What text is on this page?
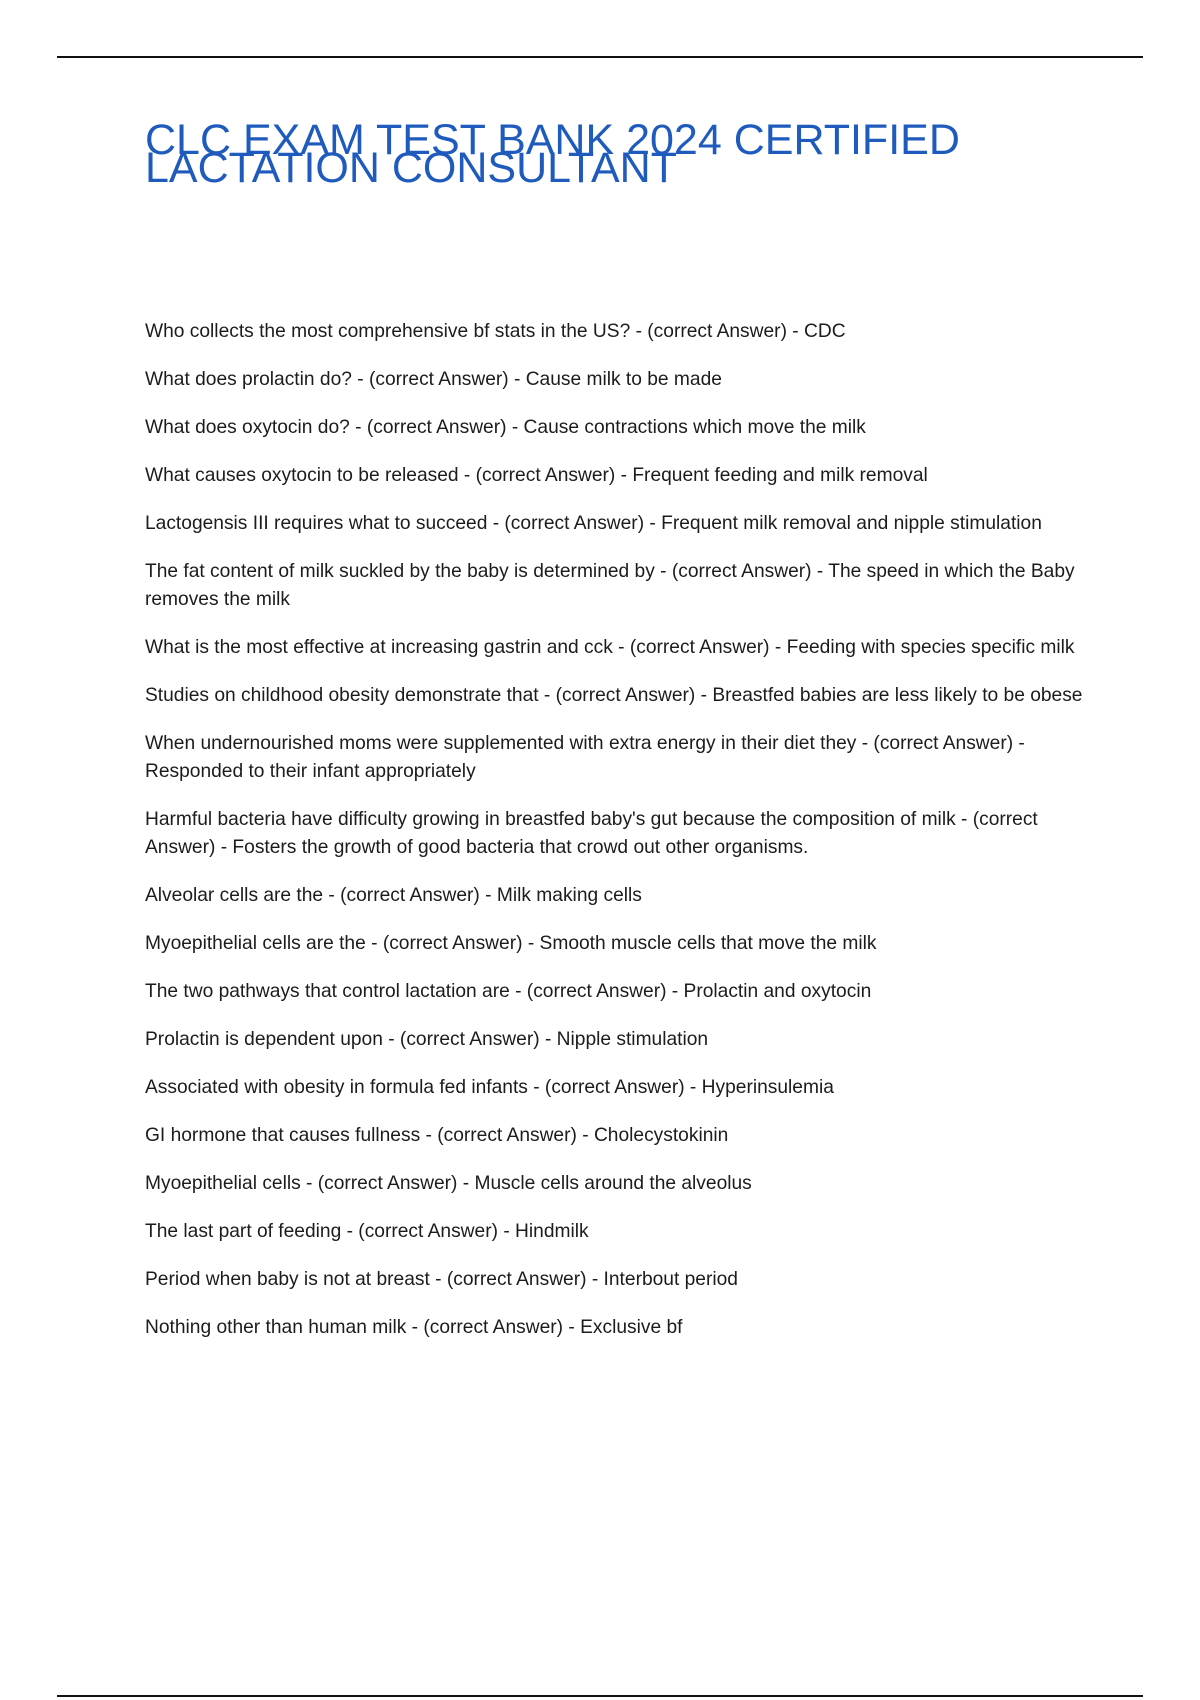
CLC EXAM TEST BANK 2024 CERTIFIED LACTATION CONSULTANT
Who collects the most comprehensive bf stats in the US? - (correct Answer) - CDC
What does prolactin do? - (correct Answer) - Cause milk to be made
What does oxytocin do? - (correct Answer) - Cause contractions which move the milk
What causes oxytocin to be released - (correct Answer) - Frequent feeding and milk removal
Lactogensis III requires what to succeed - (correct Answer) - Frequent milk removal and nipple stimulation
The fat content of milk suckled by the baby is determined by - (correct Answer) - The speed in which the Baby removes the milk
What is the most effective at increasing gastrin and cck - (correct Answer) - Feeding with species specific milk
Studies on childhood obesity demonstrate that - (correct Answer) - Breastfed babies are less likely to be obese
When undernourished moms were supplemented with extra energy in their diet they - (correct Answer) - Responded to their infant appropriately
Harmful bacteria have difficulty growing in breastfed baby's gut because the composition of milk - (correct Answer) - Fosters the growth of good bacteria that crowd out other organisms.
Alveolar cells are the - (correct Answer) - Milk making cells
Myoepithelial cells are the - (correct Answer) - Smooth muscle cells that move the milk
The two pathways that control lactation are - (correct Answer) - Prolactin and oxytocin
Prolactin is dependent upon - (correct Answer) - Nipple stimulation
Associated with obesity in formula fed infants - (correct Answer) - Hyperinsulemia
GI hormone that causes fullness - (correct Answer) - Cholecystokinin
Myoepithelial cells - (correct Answer) - Muscle cells around the alveolus
The last part of feeding - (correct Answer) - Hindmilk
Period when baby is not at breast - (correct Answer) - Interbout period
Nothing other than human milk - (correct Answer) - Exclusive bf
